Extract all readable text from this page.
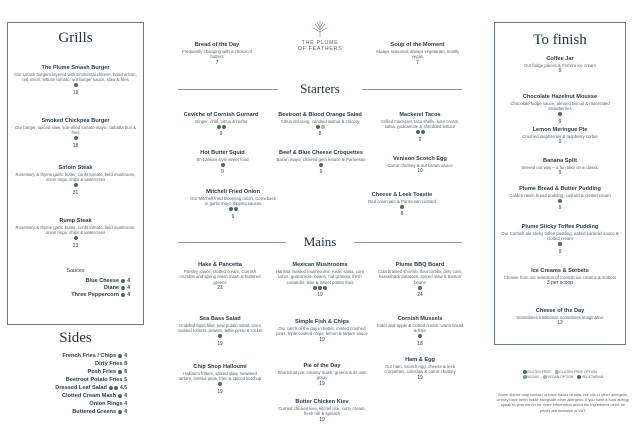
Grills
The Plume Smash Burger
Our smash burgers layered with Emmental cheese, brioche bun, red onion, lettuce tomato, our burger sauce, slaw & fries
19
Smoked Chickpea Burger
Our burger, spiced slaw, sun-dried tomato mayo, ciabatta bun & fries
18
Sirloin Steak
Rosemary & thyme garlic butter, confit tomato, field mushroom, onion rings, chips & watercress
31
Rump Steak
Rosemary & thyme garlic butter, confit tomato, field mushroom, onion rings, chips & watercress
23
Sauces
Blue Cheese 4
Diane 4
Three Peppercorn 4
Sides
French Fries / Chips 4
Dirty Fries 8
Posh Fries 8
Beetroot Potato Fries 5
Dressed Leaf Salad	4.5
Clotted Cream Mash 4
Onion Rings 4
Buttered Greens 4
Bread of the Day
Frequently changing with a choice of butters
7
THE PLUME
OF FEATHERS
Soup of the Moment
Always seasonal, always vegetarian, mostly vegan
7
Starters
Ceviche of Cornish Gurnard
Ginger, chilli, citrus & herbs
9
Beetroot & Blood Orange Salad
Citrus dressing, candied walnut & chicory
8
Mackerel Tacos
Grilled mackerel, taco shells, sour cream, salsa, guacamole & shredded lettuce
9
Hot Butter Squid
Sri Lankan style street food
9
Beef & Blue Cheese Croquettes
Bacon mayo, charred gem lettuce & Parmesan
9
Venison Scotch Egg
Carrot chutney & our brown sauce
10
Mitchell Fried Onion
Our Mitchell fried blooming onion, Comeback or garlic mayo dipping sauces
9
Cheese & Leek Toastie
Red onion jam & Parmesan custard
8
Mains
Hake & Pancetta
Parsley sauce, clotted cream, Cornish crumble and spring onion mash & buttered greens
21
Mexican Mushrooms
Harissa roasted mushrooms, rustic salsa, corn tacos, guacamole, beans, nut granola, fresh coriander, lime & sweet potato fries
19
Plume BBQ Board
Cola braised shortrib, flour tortilla, dirty corn, hasselback potatoes, spiced slaw & Boston beans
24
Sea Bass Salad
Griddled bass fillet, new potato salad, oven roasted tomato, prawns, lettle pesto & rocket
19
Simple Fish & Chips
Our catch of the day in batter, minted crushed peas, triple cooked chips, lemon & tartare sauce
19
Cornish Mussels
Cider and apple & clotted cream, warm bread & fries
18
Chip Shop Halloumi
Halloumi fritters, spiced slaw, seaweed tartare, minted peas, fries & spiced ketchup
19
Pie of the Day
Shortcrust pie, creamy mash, greens & its own gravy
19
Ham & Egg
Our ham, Scotch egg, cheese & leek croquettes, coleslaw & carrot chutney
19
Butter Chicken Kiev
Curried chicken kiev, kitchel rice, curry cream, fresh roll & spinach
19
To finish
Coffee Jar
Our fudge pieces & Ferrero ice cream
9
Chocolate Hazelnut Mousse
Chocolate fudge sauce, almond biscuit & macerated strawberries
9
Lemon Meringue Pie
Crushed raspberries & raspberry sorbet
9
Banana Split
Served our way – a fun take on a classic
9
Plume Bread & Butter Pudding
Golden raisin bread pudding, custard & clotted cream
9
Plume Sticky Toffee Pudding
Our Cornish ale sticky toffee pudding, salted caramel sauce & clotted cream
9
Ice Creams & Sorbets
Choose from our selection of Cornish ice creams & sorbets
3 per scoop
Cheese of the Day
Sometimes traditional, sometimes imaginative
12
GLUTEN FREE GLUTEN FREE OPTION
VEGAN VEGAN OPTION VEGETARIAN
Some dishes may contain or have traces of nuts, nut oils or other allergens, or may have been made alongside other allergens. If you have a food allergy, speak to your server for more information about the ingredients used. All prices are inclusive of VAT.
